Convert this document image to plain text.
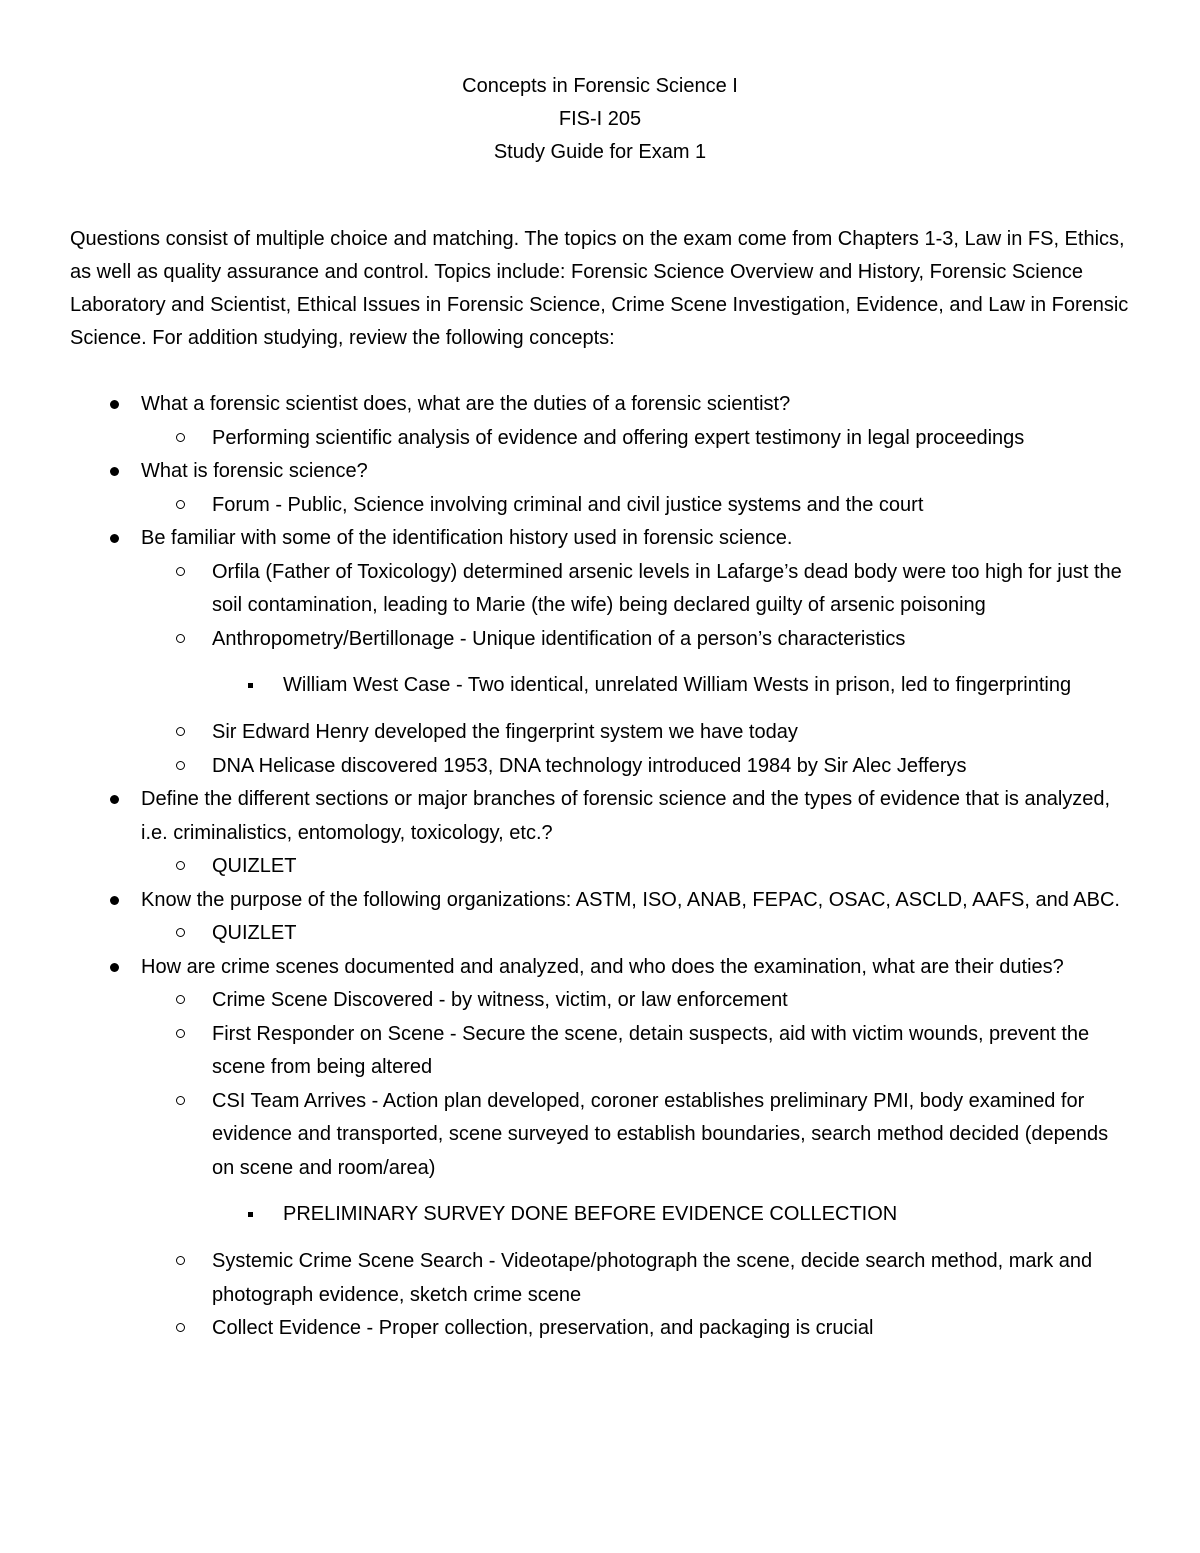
Concepts in Forensic Science I
FIS-I 205
Study Guide for Exam 1

Questions consist of multiple choice and matching. The topics on the exam come from Chapters 1-3, Law in FS, Ethics, as well as quality assurance and control. Topics include: Forensic Science Overview and History, Forensic Science Laboratory and Scientist, Ethical Issues in Forensic Science, Crime Scene Investigation, Evidence, and Law in Forensic Science. For addition studying, review the following concepts:

What a forensic scientist does, what are the duties of a forensic scientist?
Performing scientific analysis of evidence and offering expert testimony in legal proceedings
What is forensic science?
Forum - Public, Science involving criminal and civil justice systems and the court
Be familiar with some of the identification history used in forensic science.
Orfila (Father of Toxicology) determined arsenic levels in Lafarge’s dead body were too high for just the soil contamination, leading to Marie (the wife) being declared guilty of arsenic poisoning
Anthropometry/Bertillonage - Unique identification of a person’s characteristics
William West Case - Two identical, unrelated William Wests in prison, led to fingerprinting
Sir Edward Henry developed the fingerprint system we have today
DNA Helicase discovered 1953, DNA technology introduced 1984 by Sir Alec Jefferys
Define the different sections or major branches of forensic science and the types of evidence that is analyzed, i.e. criminalistics, entomology, toxicology, etc.?
QUIZLET
Know the purpose of the following organizations: ASTM, ISO, ANAB, FEPAC, OSAC, ASCLD, AAFS, and ABC.
QUIZLET
How are crime scenes documented and analyzed, and who does the examination, what are their duties?
Crime Scene Discovered - by witness, victim, or law enforcement
First Responder on Scene - Secure the scene, detain suspects, aid with victim wounds, prevent the scene from being altered
CSI Team Arrives - Action plan developed, coroner establishes preliminary PMI, body examined for evidence and transported, scene surveyed to establish boundaries, search method decided (depends on scene and room/area)
PRELIMINARY SURVEY DONE BEFORE EVIDENCE COLLECTION
Systemic Crime Scene Search - Videotape/photograph the scene, decide search method, mark and photograph evidence, sketch crime scene
Collect Evidence - Proper collection, preservation, and packaging is crucial
